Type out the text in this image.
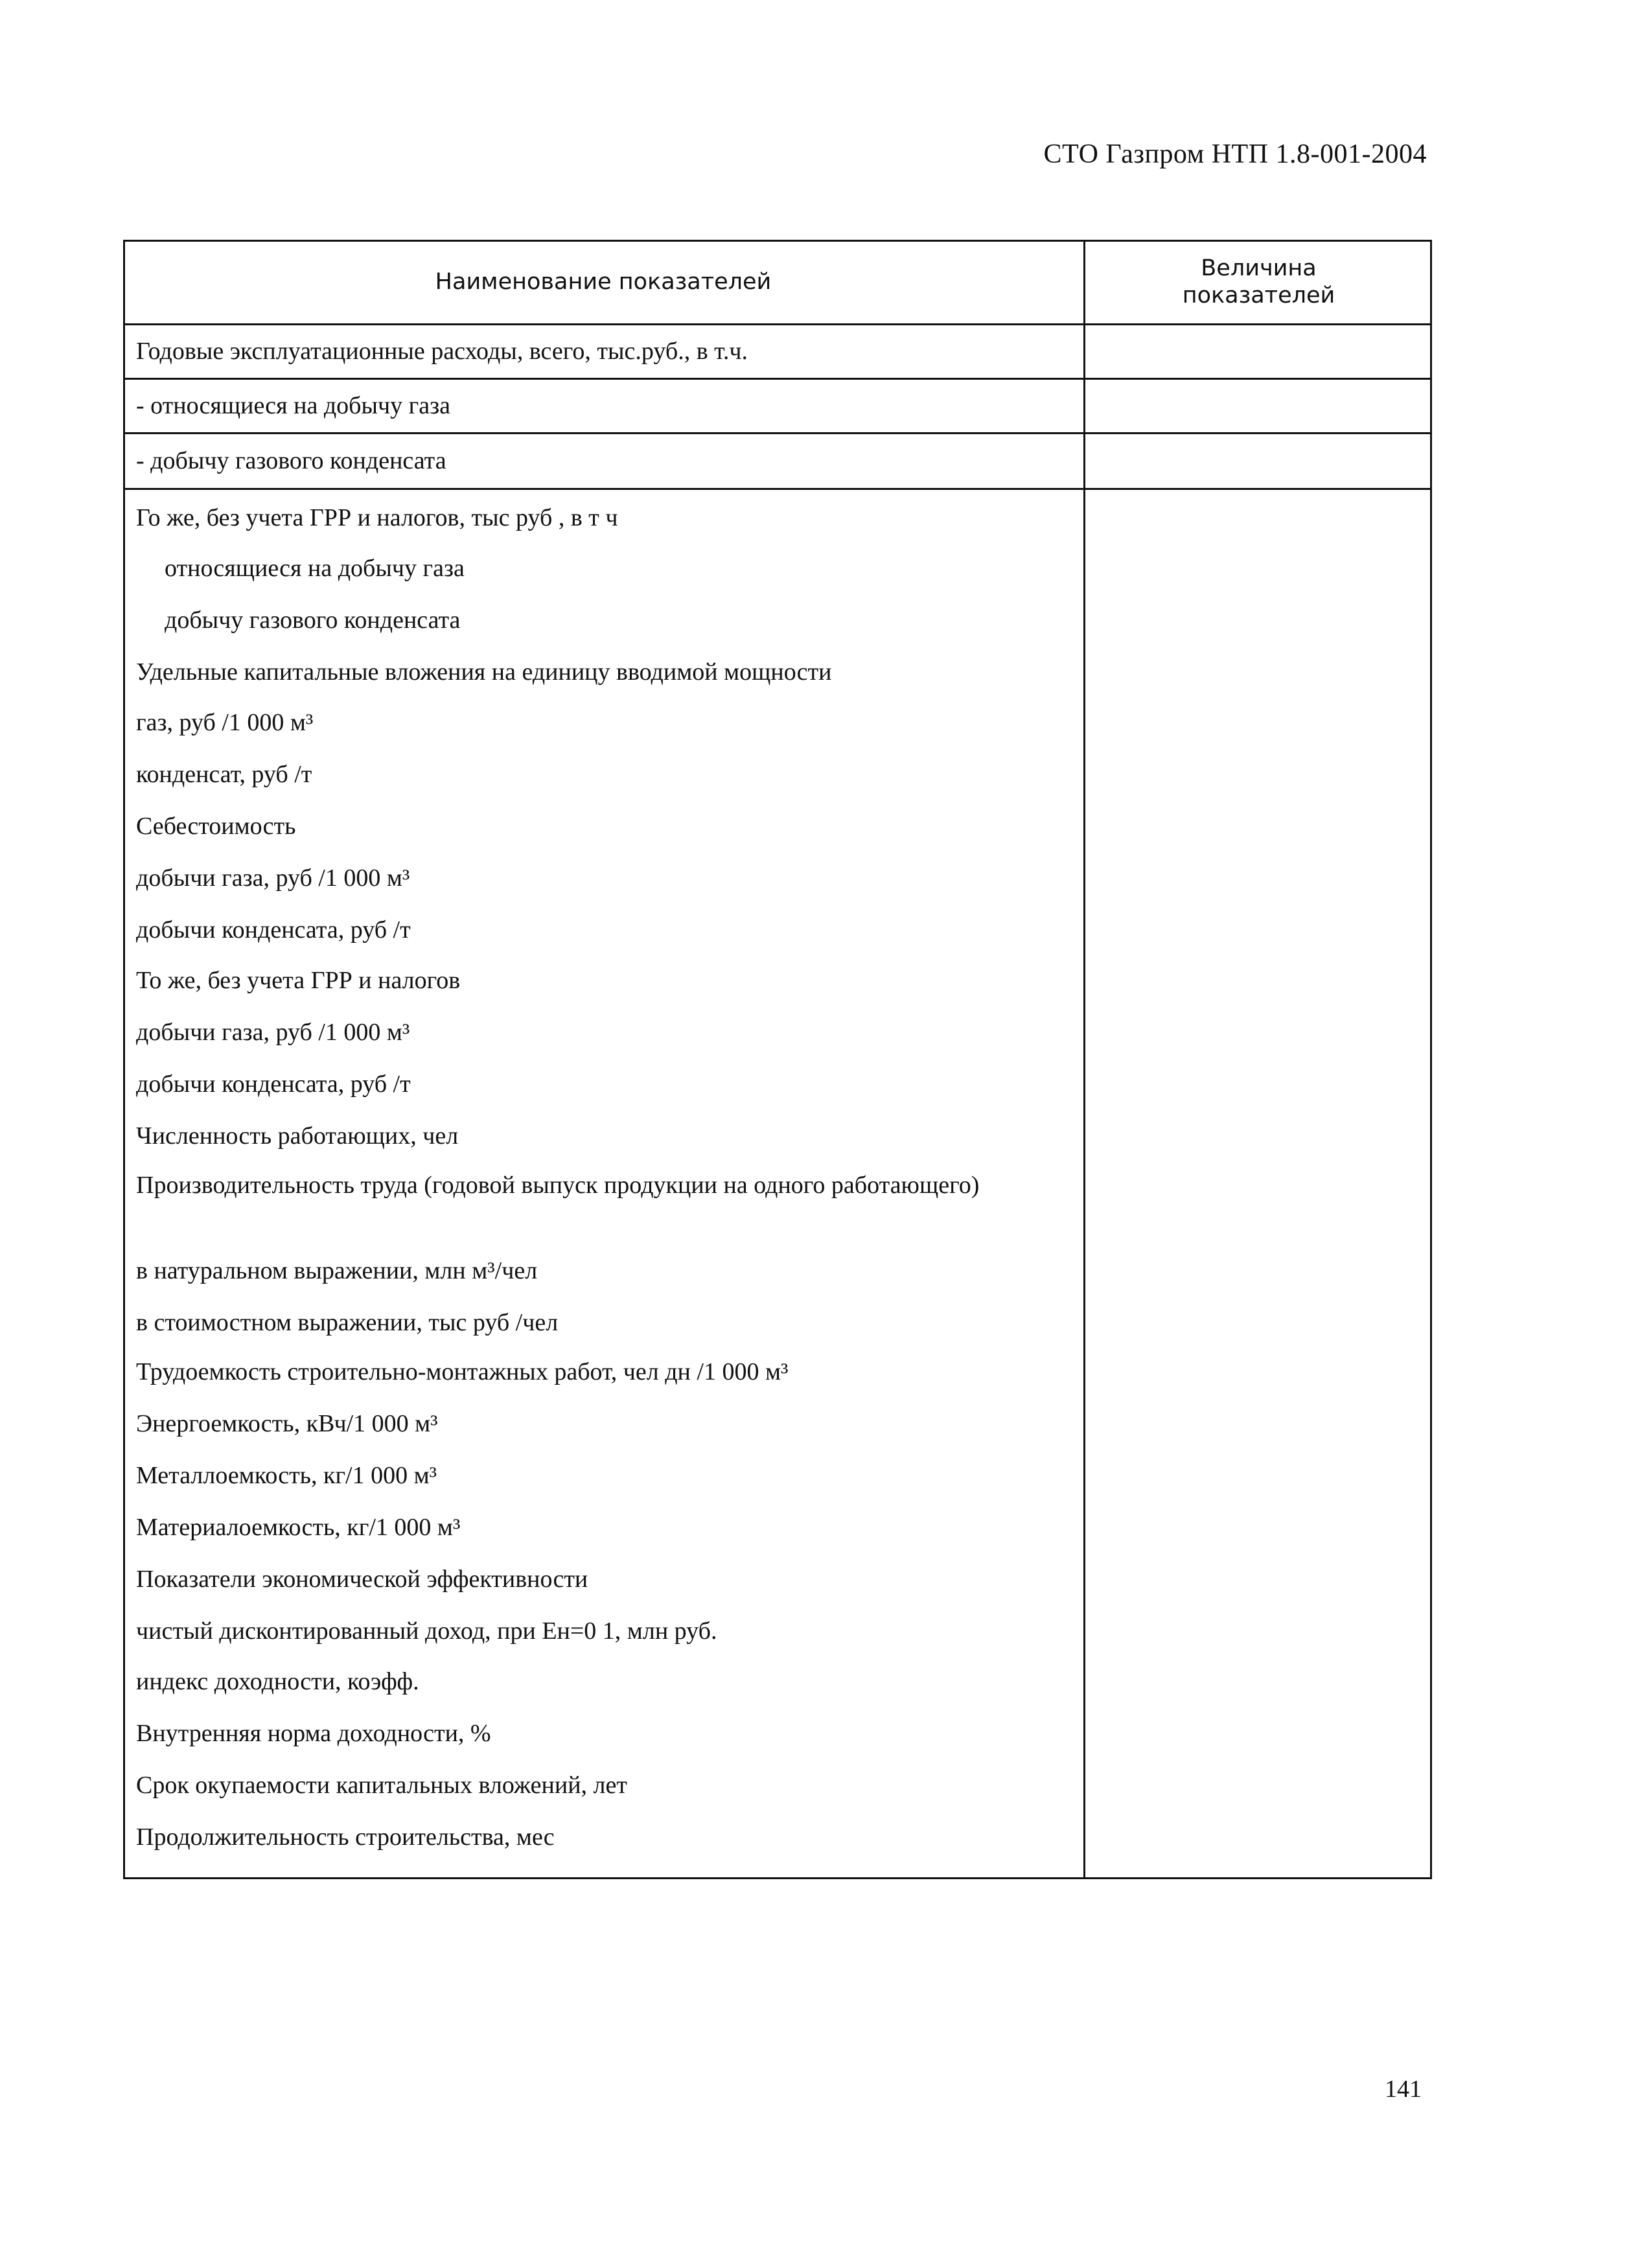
СТО Газпром НТП 1.8-001-2004
Наименование показателей
Величина
показателей
Годовые эксплуатационные расходы, всего, тыс.руб., в т.ч.
- относящиеся на добычу газа
- добычу газового конденсата
Го же, без учета ГРР и налогов, тыс руб , в т ч
относящиеся на добычу газа
добычу газового конденсата
Удельные капитальные вложения на единицу вводимой мощности
газ, руб /1 000 м³
конденсат, руб /т
Себестоимость
добычи газа, руб /1 000 м³
добычи конденсата, руб /т
То же, без учета ГРР и налогов
добычи газа, руб /1 000 м³
добычи конденсата, руб /т
Численность работающих, чел
Производительность труда (годовой выпуск продукции на одного работающего)
в натуральном выражении, млн м³/чел
в стоимостном выражении, тыс руб /чел
Трудоемкость строительно-монтажных работ, чел дн /1 000 м³
Энергоемкость, кВч/1 000 м³
Металлоемкость, кг/1 000 м³
Материалоемкость, кг/1 000 м³
Показатели экономической эффективности
чистый дисконтированный доход, при Ен=0 1, млн руб.
индекс доходности, коэфф.
Внутренняя норма доходности, %
Срок окупаемости капитальных вложений, лет
Продолжительность строительства, мес
141
